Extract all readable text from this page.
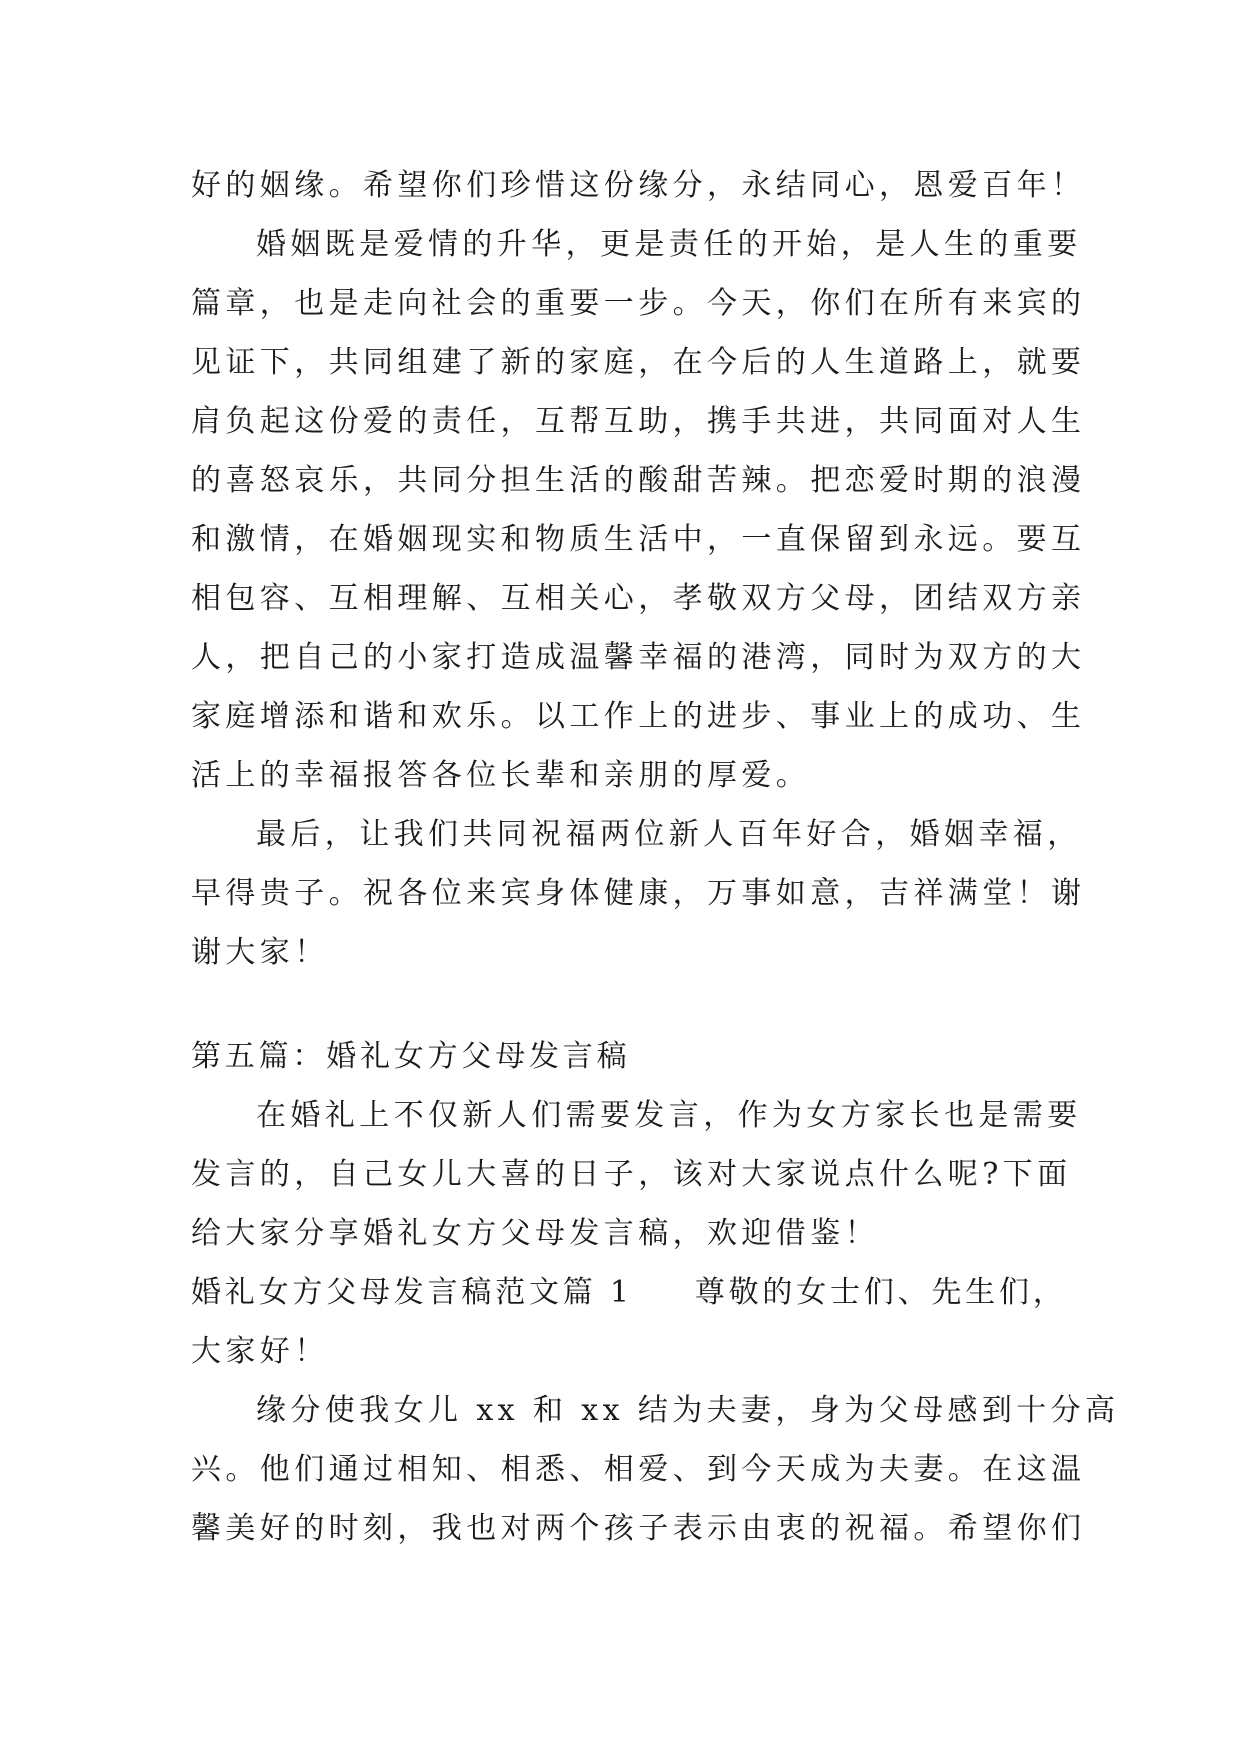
好的姻缘。希望你们珍惜这份缘分，永结同心，恩爱百年！

婚姻既是爱情的升华，更是责任的开始，是人生的重要

篇章，也是走向社会的重要一步。今天，你们在所有来宾的

见证下，共同组建了新的家庭，在今后的人生道路上，就要

肩负起这份爱的责任，互帮互助，携手共进，共同面对人生

的喜怒哀乐，共同分担生活的酸甜苦辣。把恋爱时期的浪漫

和激情，在婚姻现实和物质生活中，一直保留到永远。要互

相包容、互相理解、互相关心，孝敬双方父母，团结双方亲

人，把自己的小家打造成温馨幸福的港湾，同时为双方的大

家庭增添和谐和欢乐。以工作上的进步、事业上的成功、生

活上的幸福报答各位长辈和亲朋的厚爱。

最后，让我们共同祝福两位新人百年好合，婚姻幸福，

早得贵子。祝各位来宾身体健康，万事如意，吉祥满堂！谢

谢大家！

第五篇：婚礼女方父母发言稿

在婚礼上不仅新人们需要发言，作为女方家长也是需要

发言的，自己女儿大喜的日子，该对大家说点什么呢?下面

给大家分享婚礼女方父母发言稿，欢迎借鉴！

婚礼女方父母发言稿范文篇 1 尊敬的女士们、先生们，

大家好！

缘分使我女儿 xx 和 xx 结为夫妻，身为父母感到十分高

兴。他们通过相知、相悉、相爱、到今天成为夫妻。在这温

馨美好的时刻，我也对两个孩子表示由衷的祝福。希望你们
